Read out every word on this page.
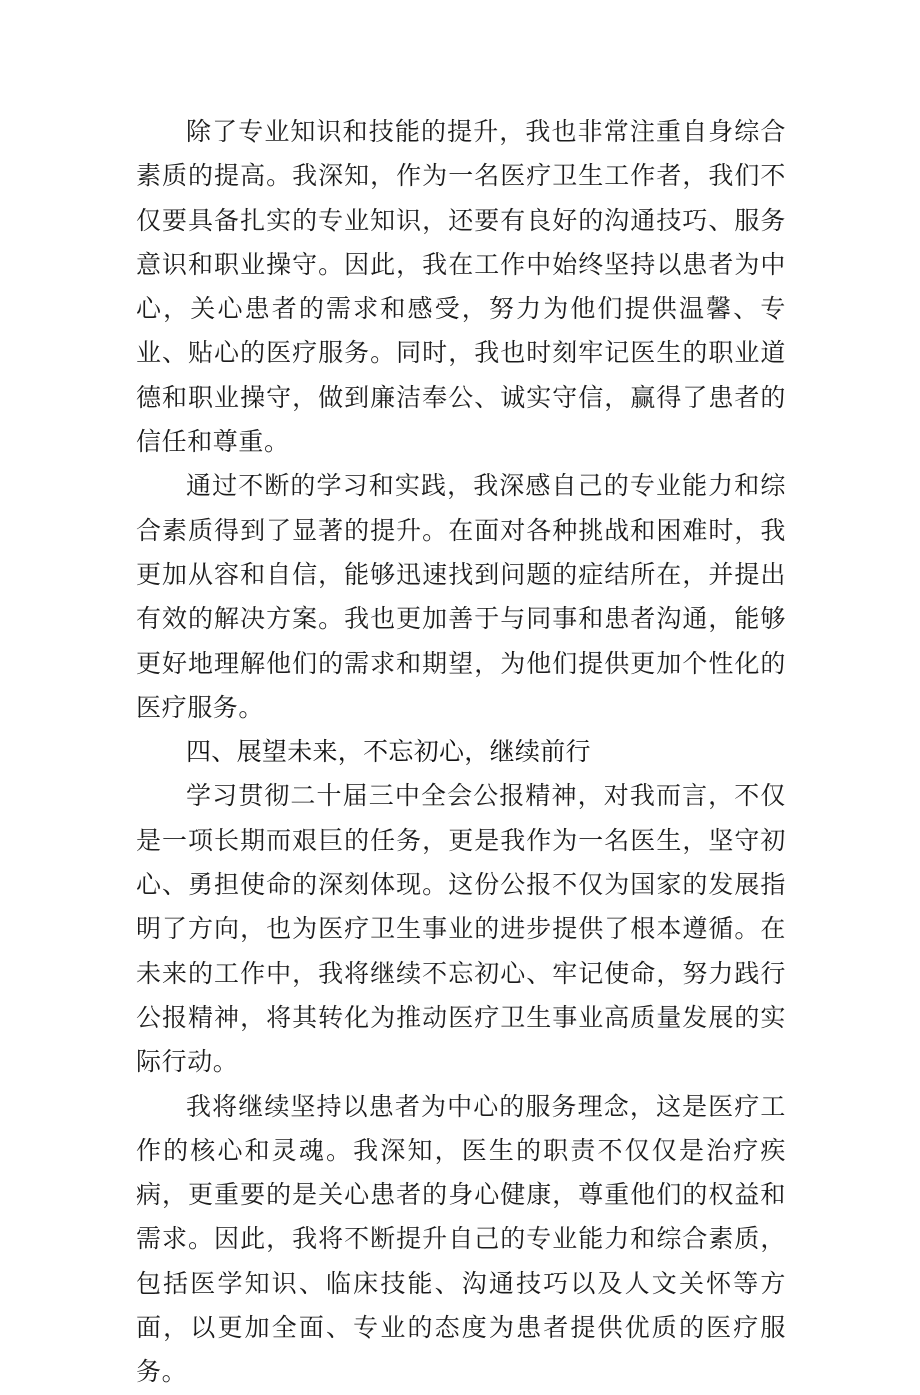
除了专业知识和技能的提升，我也非常注重自身综合素质的提高。我深知，作为一名医疗卫生工作者，我们不仅要具备扎实的专业知识，还要有良好的沟通技巧、服务意识和职业操守。因此，我在工作中始终坚持以患者为中心，关心患者的需求和感受，努力为他们提供温馨、专业、贴心的医疗服务。同时，我也时刻牢记医生的职业道德和职业操守，做到廉洁奉公、诚实守信，赢得了患者的信任和尊重。

通过不断的学习和实践，我深感自己的专业能力和综合素质得到了显著的提升。在面对各种挑战和困难时，我更加从容和自信，能够迅速找到问题的症结所在，并提出有效的解决方案。我也更加善于与同事和患者沟通，能够更好地理解他们的需求和期望，为他们提供更加个性化的医疗服务。

四、展望未来，不忘初心，继续前行

学习贯彻二十届三中全会公报精神，对我而言，不仅是一项长期而艰巨的任务，更是我作为一名医生，坚守初心、勇担使命的深刻体现。这份公报不仅为国家的发展指明了方向，也为医疗卫生事业的进步提供了根本遵循。在未来的工作中，我将继续不忘初心、牢记使命，努力践行公报精神，将其转化为推动医疗卫生事业高质量发展的实际行动。

我将继续坚持以患者为中心的服务理念，这是医疗工作的核心和灵魂。我深知，医生的职责不仅仅是治疗疾病，更重要的是关心患者的身心健康，尊重他们的权益和需求。因此，我将不断提升自己的专业能力和综合素质，包括医学知识、临床技能、沟通技巧以及人文关怀等方面，以更加全面、专业的态度为患者提供优质的医疗服务。
